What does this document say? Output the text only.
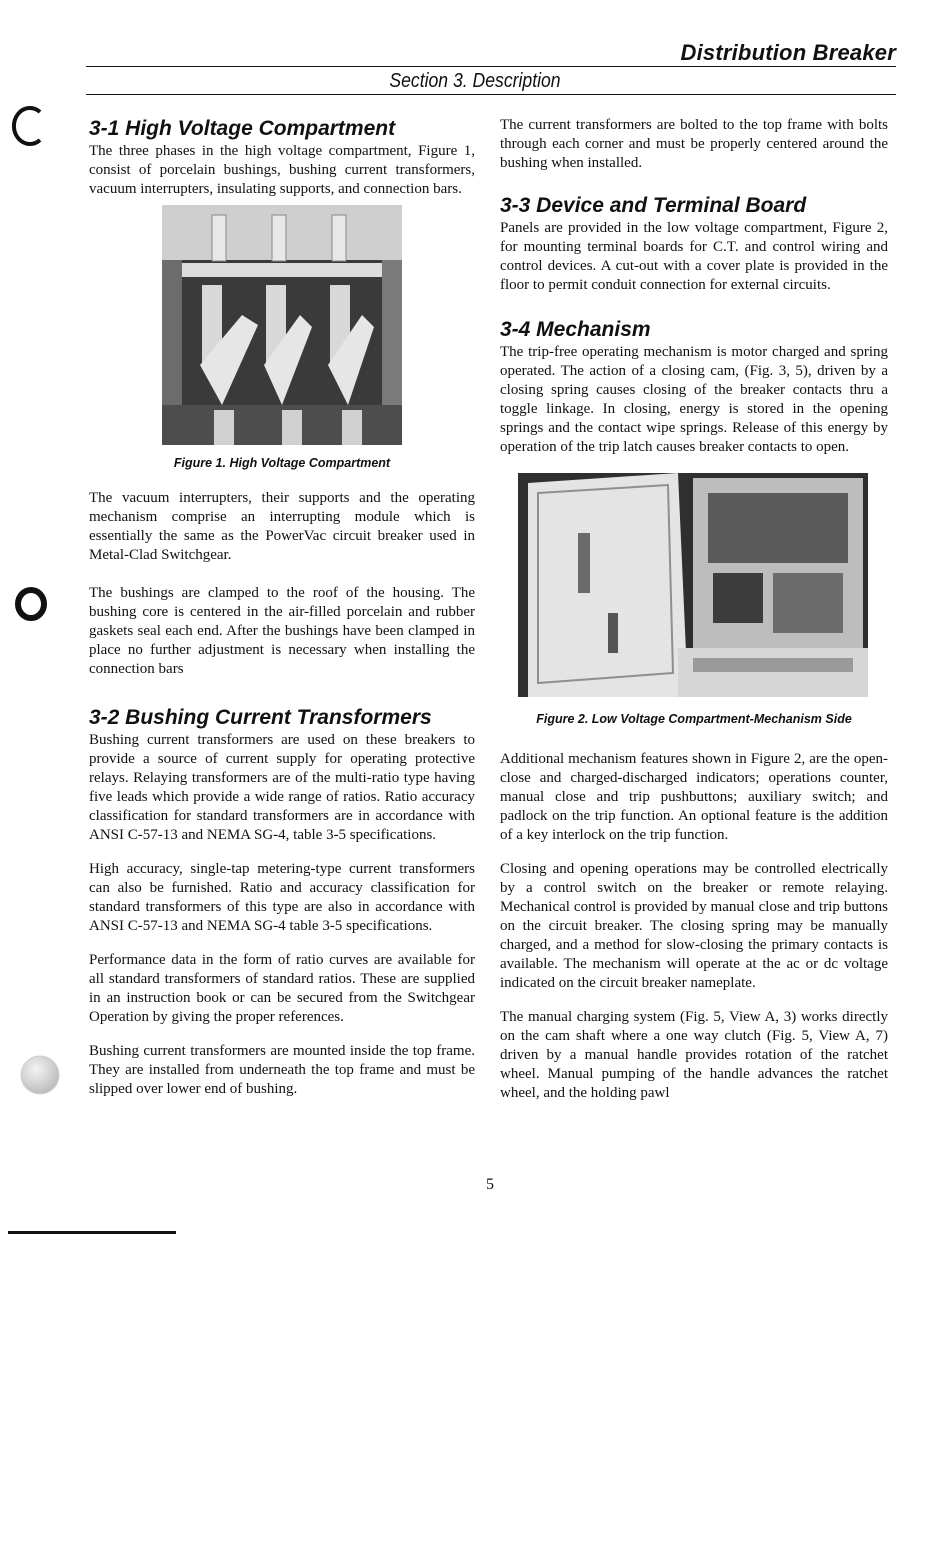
Distribution Breaker
Section 3. Description
3-1 High Voltage Compartment

The three phases in the high voltage compartment, Figure 1, consist of porcelain bushings, bushing current transformers, vacuum interrupters, insulating supports, and connection bars.

Figure 1. High Voltage Compartment

The vacuum interrupters, their supports and the operating mechanism comprise an interrupting module which is essentially the same as the PowerVac circuit breaker used in Metal-Clad Switchgear.

The bushings are clamped to the roof of the housing. The bushing core is centered in the air-filled porcelain and rubber gaskets seal each end. After the bushings have been clamped in place no further adjustment is necessary when installing the connection bars

3-2 Bushing Current Transformers

Bushing current transformers are used on these breakers to provide a source of current supply for operating protective relays. Relaying transformers are of the multi-ratio type having five leads which provide a wide range of ratios. Ratio accuracy classification for standard transformers are in accordance with ANSI C-57-13 and NEMA SG-4, table 3-5 specifications.

High accuracy, single-tap metering-type current transformers can also be furnished. Ratio and accuracy classification for standard transformers of this type are also in accordance with ANSI C-57-13 and NEMA SG-4 table 3-5 specifications.

Performance data in the form of ratio curves are available for all standard transformers of standard ratios. These are supplied in an instruction book or can be secured from the Switchgear Operation by giving the proper references.

Bushing current transformers are mounted inside the top frame. They are installed from underneath the top frame and must be slipped over lower end of bushing.

The current transformers are bolted to the top frame with bolts through each corner and must be properly centered around the bushing when installed.

3-3 Device and Terminal Board

Panels are provided in the low voltage compartment, Figure 2, for mounting terminal boards for C.T. and control wiring and control devices. A cut-out with a cover plate is provided in the floor to permit conduit connection for external circuits.

3-4 Mechanism

The trip-free operating mechanism is motor charged and spring operated. The action of a closing cam, (Fig. 3, 5), driven by a closing spring causes closing of the breaker contacts thru a toggle linkage. In closing, energy is stored in the opening springs and the contact wipe springs. Release of this energy by operation of the trip latch causes breaker contacts to open.

Figure 2. Low Voltage Compartment-Mechanism Side

Additional mechanism features shown in Figure 2, are the open-close and charged-discharged indicators; operations counter, manual close and trip pushbuttons; auxiliary switch; and padlock on the trip function. An optional feature is the addition of a key interlock on the trip function.

Closing and opening operations may be controlled electrically by a control switch on the breaker or remote relaying. Mechanical control is provided by manual close and trip buttons on the circuit breaker. The closing spring may be manually charged, and a method for slow-closing the primary contacts is available. The mechanism will operate at the ac or dc voltage indicated on the circuit breaker nameplate.

The manual charging system (Fig. 5, View A, 3) works directly on the cam shaft where a one way clutch (Fig. 5, View A, 7) driven by a manual handle provides rotation of the ratchet wheel. Manual pumping of the handle advances the ratchet wheel, and the holding pawl

5
